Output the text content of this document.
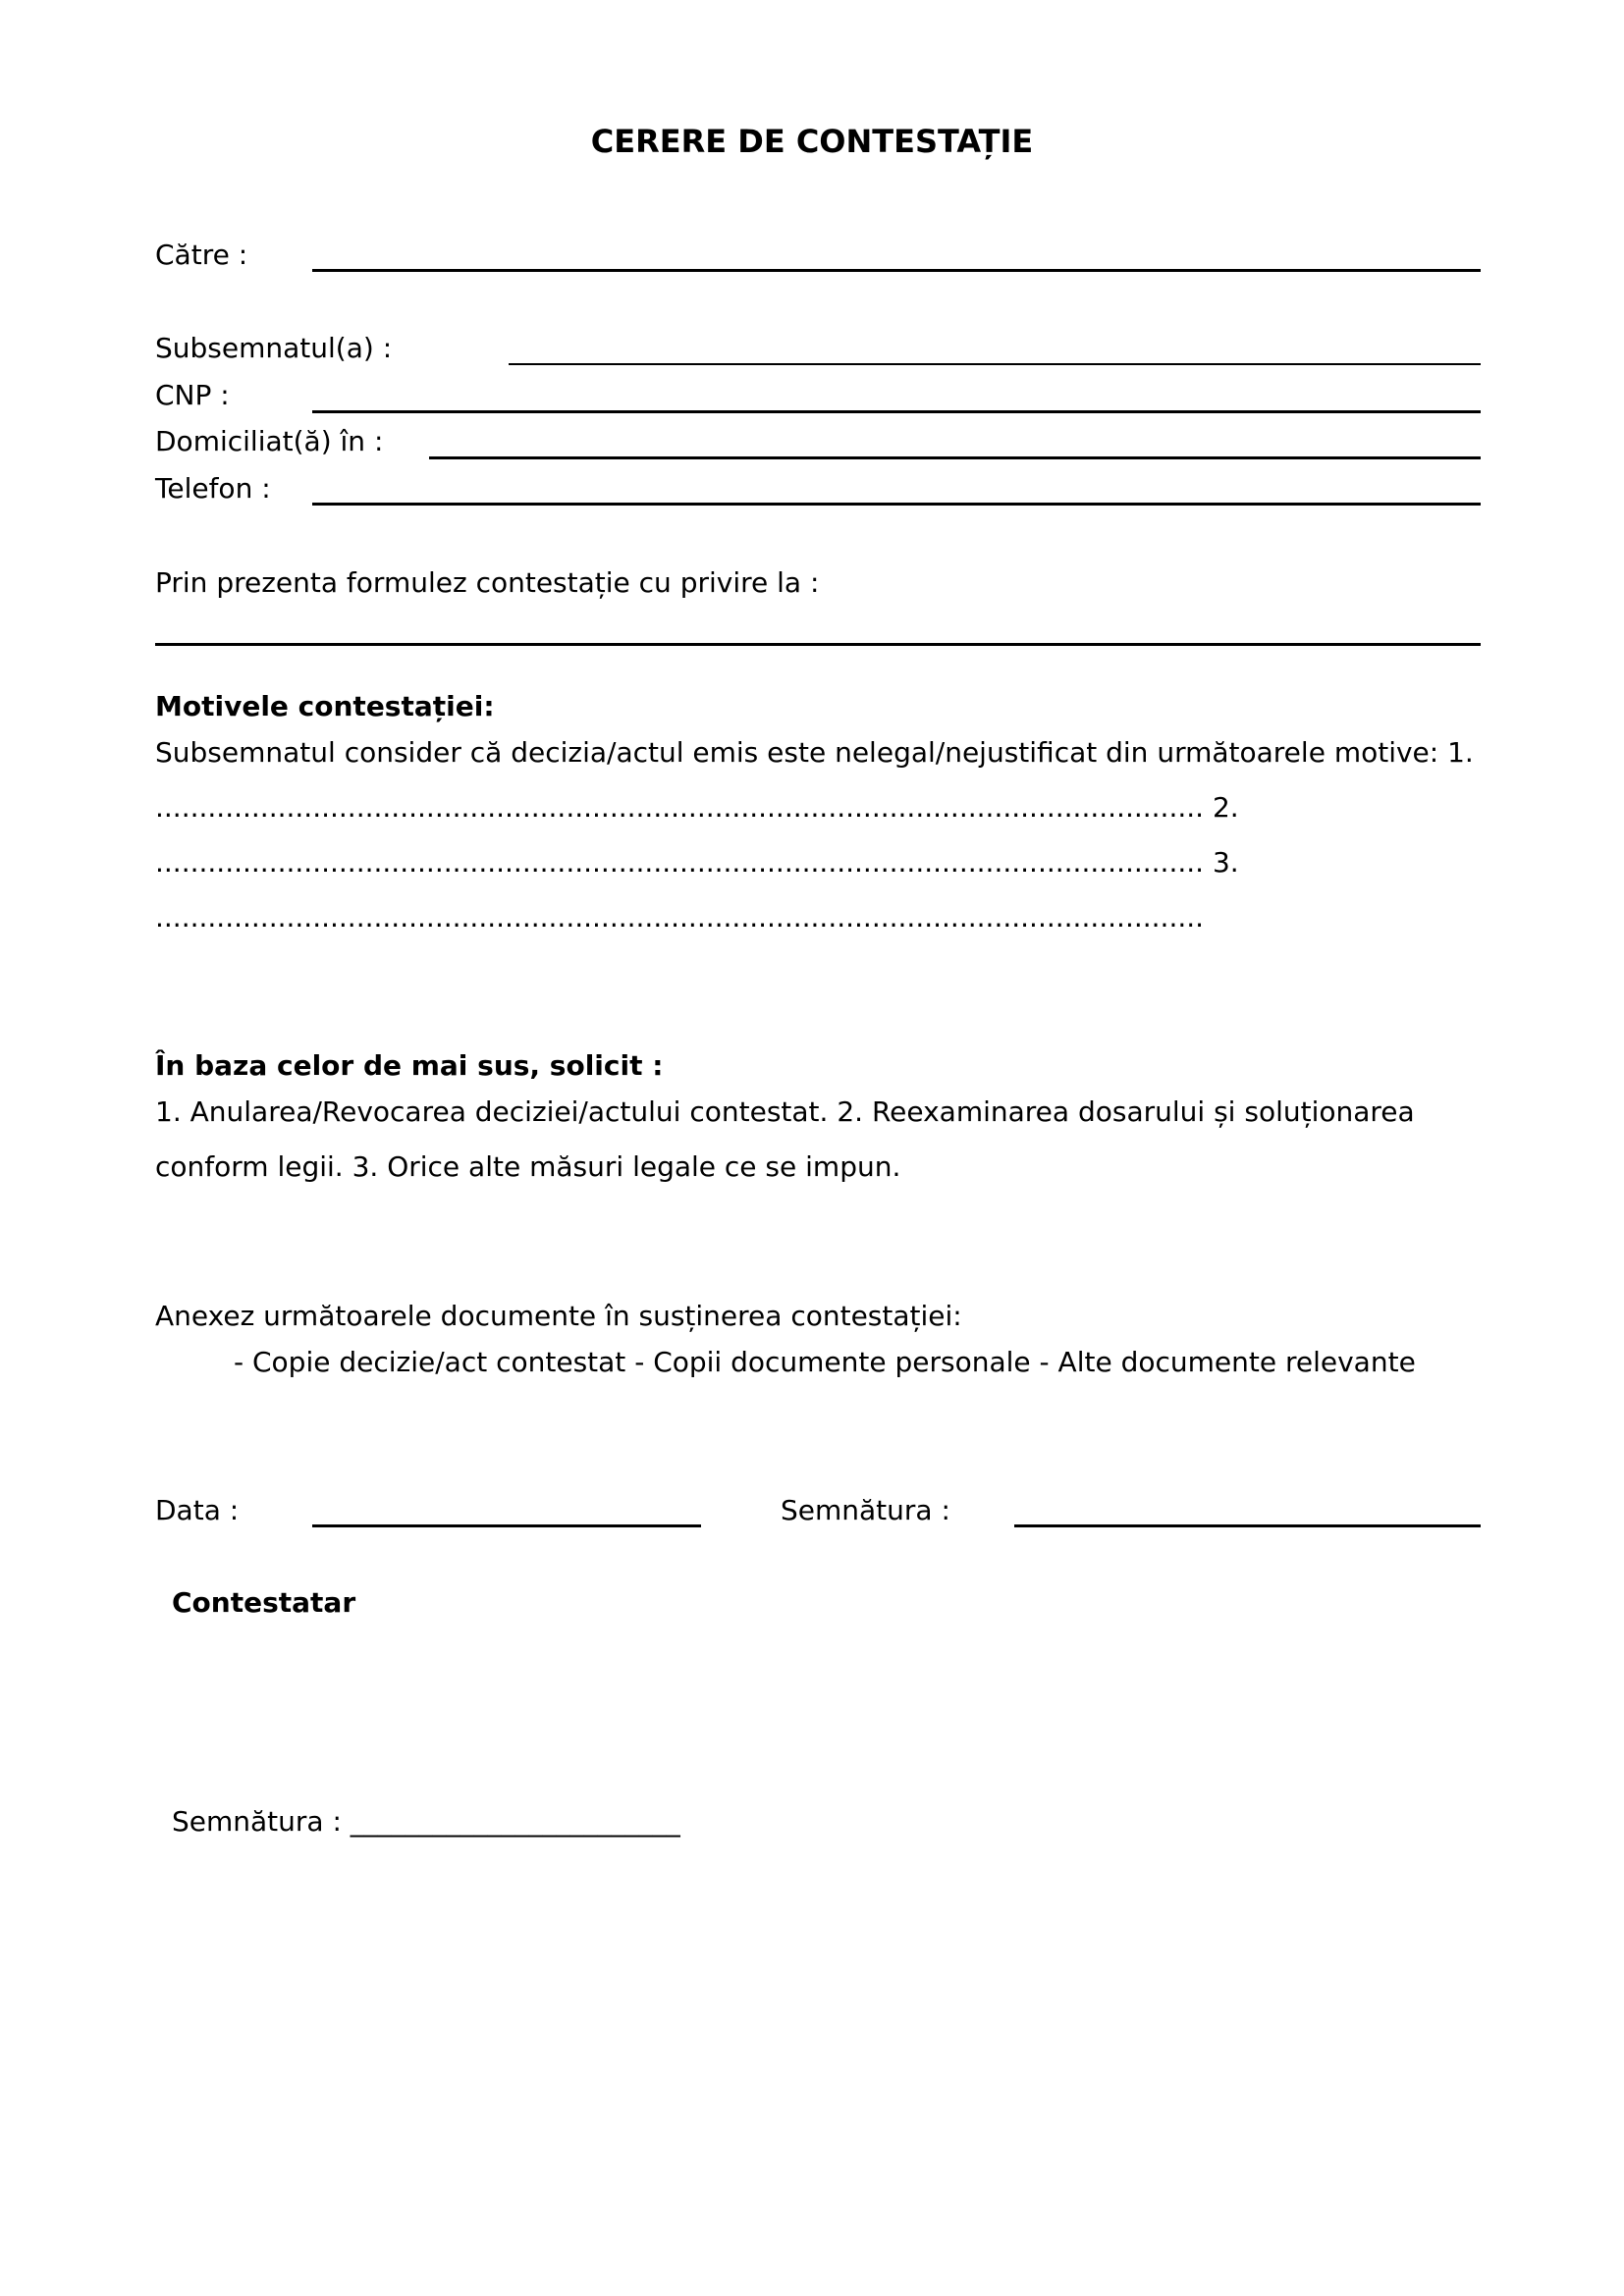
CERERE DE CONTESTAȚIE
Către :
Subsemnatul(a) :
CNP :
Domiciliat(ă) în :
Telefon :
Prin prezenta formulez contestație cu privire la :
Motivele contestației:
Subsemnatul consider că decizia/actul emis este nelegal/nejustificat din următoarele motive: 1.
........................................................................................................................ 2.
........................................................................................................................ 3.
........................................................................................................................
În baza celor de mai sus, solicit :
1. Anularea/Revocarea deciziei/actului contestat. 2. Reexaminarea dosarului și soluționarea
conform legii. 3. Orice alte măsuri legale ce se impun.
Anexez următoarele documente în susținerea contestației:
- Copie decizie/act contestat - Copii documente personale - Alte documente relevante
Data :	Semnătura :
Contestatar
Semnătura : ________________________
